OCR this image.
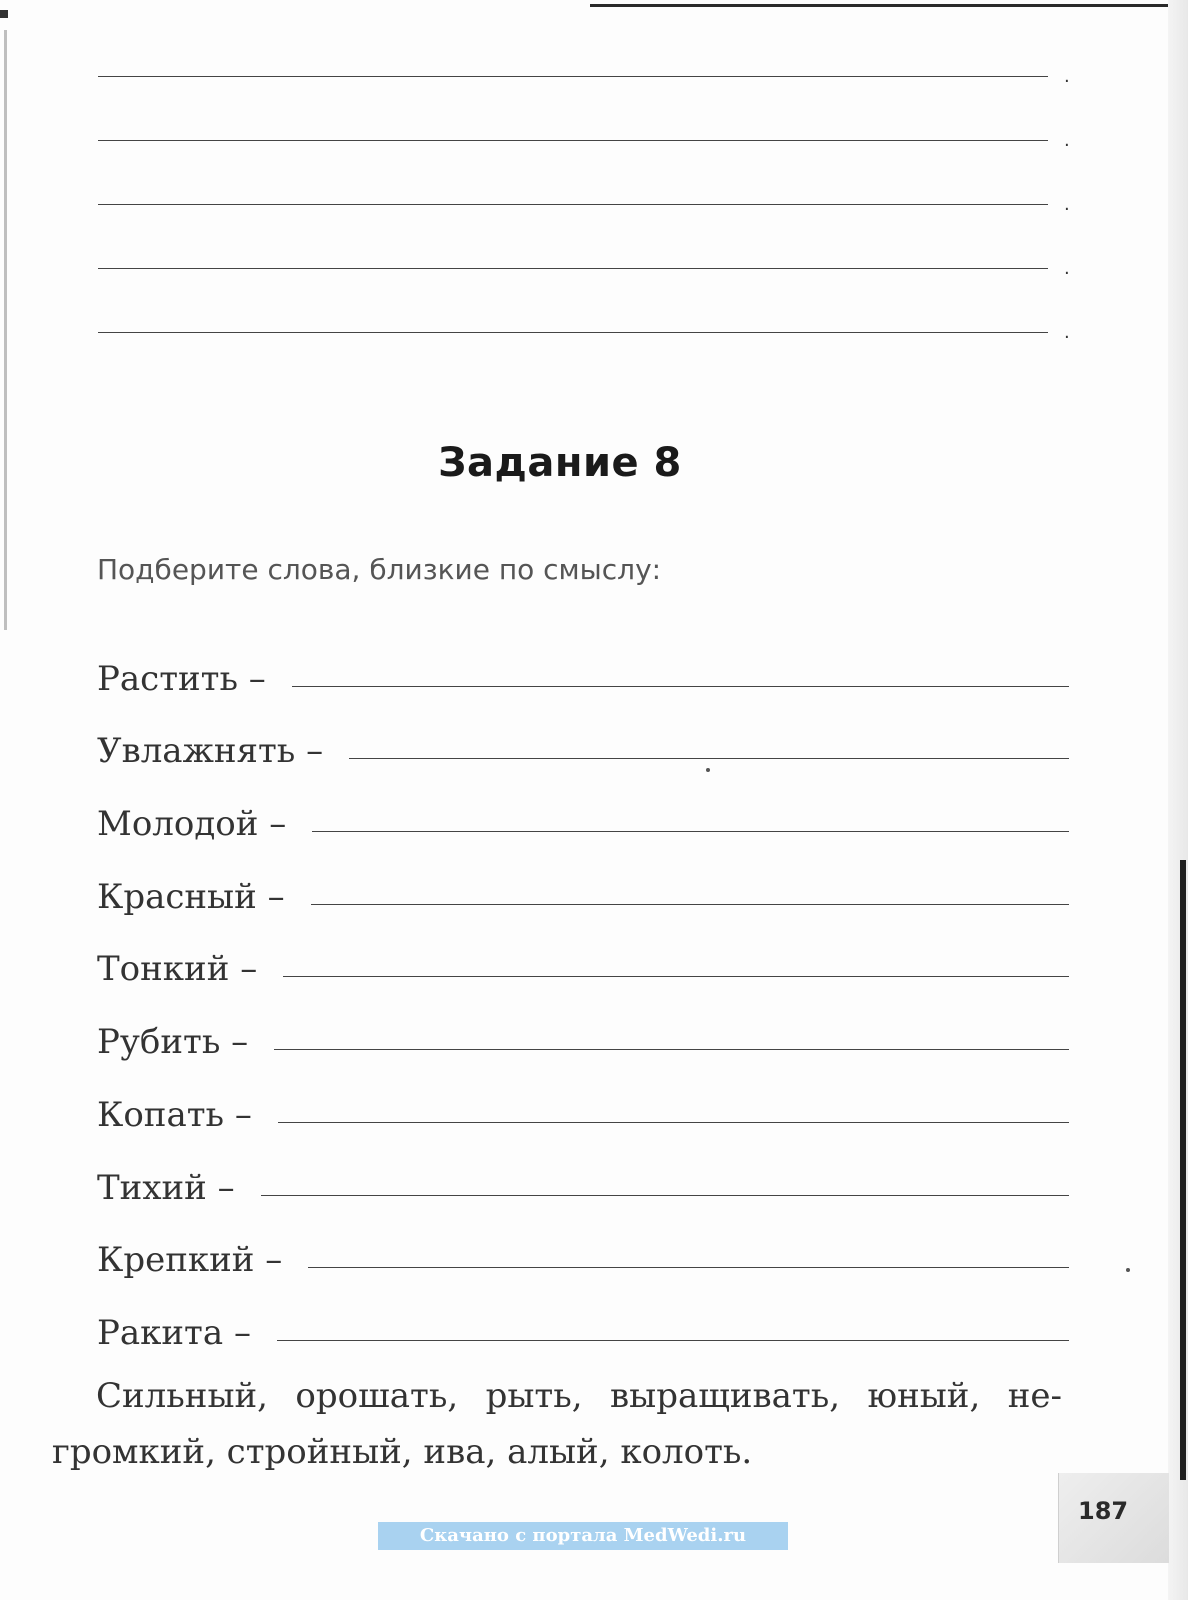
.
.
.
.
.
Задание 8
Подберите слова, близкие по смыслу:
Растить –
Увлажнять –
Молодой –
Красный –
Тонкий –
Рубить –
Копать –
Тихий –
Крепкий –
Ракита –
Сильный, орошать, рыть, выращивать, юный, не-
громкий, стройный, ива, алый, колоть.
187
Скачано с портала MedWedi.ru
